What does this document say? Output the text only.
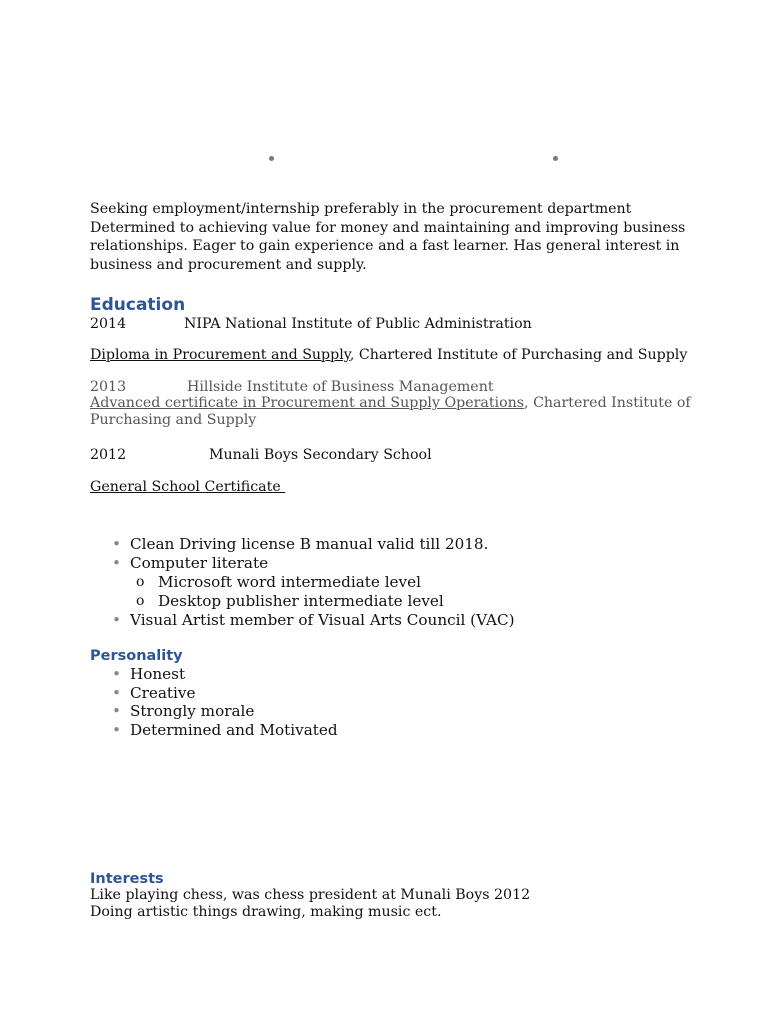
Seeking employment/internship preferably in the procurement department
Determined to achieving value for money and maintaining and improving business
relationships. Eager to gain experience and a fast learner. Has general interest in
business and procurement and supply.
Education
2014	NIPA National Institute of Public Administration
Diploma in Procurement and Supply, Chartered Institute of Purchasing and Supply
2013	Hillside Institute of Business Management
Advanced certificate in Procurement and Supply Operations, Chartered Institute of
Purchasing and Supply
2012	Munali Boys Secondary School
General School Certificate
• Clean Driving license B manual valid till 2018.
• Computer literate
o Microsoft word intermediate level
o Desktop publisher intermediate level
• Visual Artist member of Visual Arts Council (VAC)
Personality
• Honest
• Creative
• Strongly morale
• Determined and Motivated
Interests
Like playing chess, was chess president at Munali Boys 2012
Doing artistic things drawing, making music ect.
